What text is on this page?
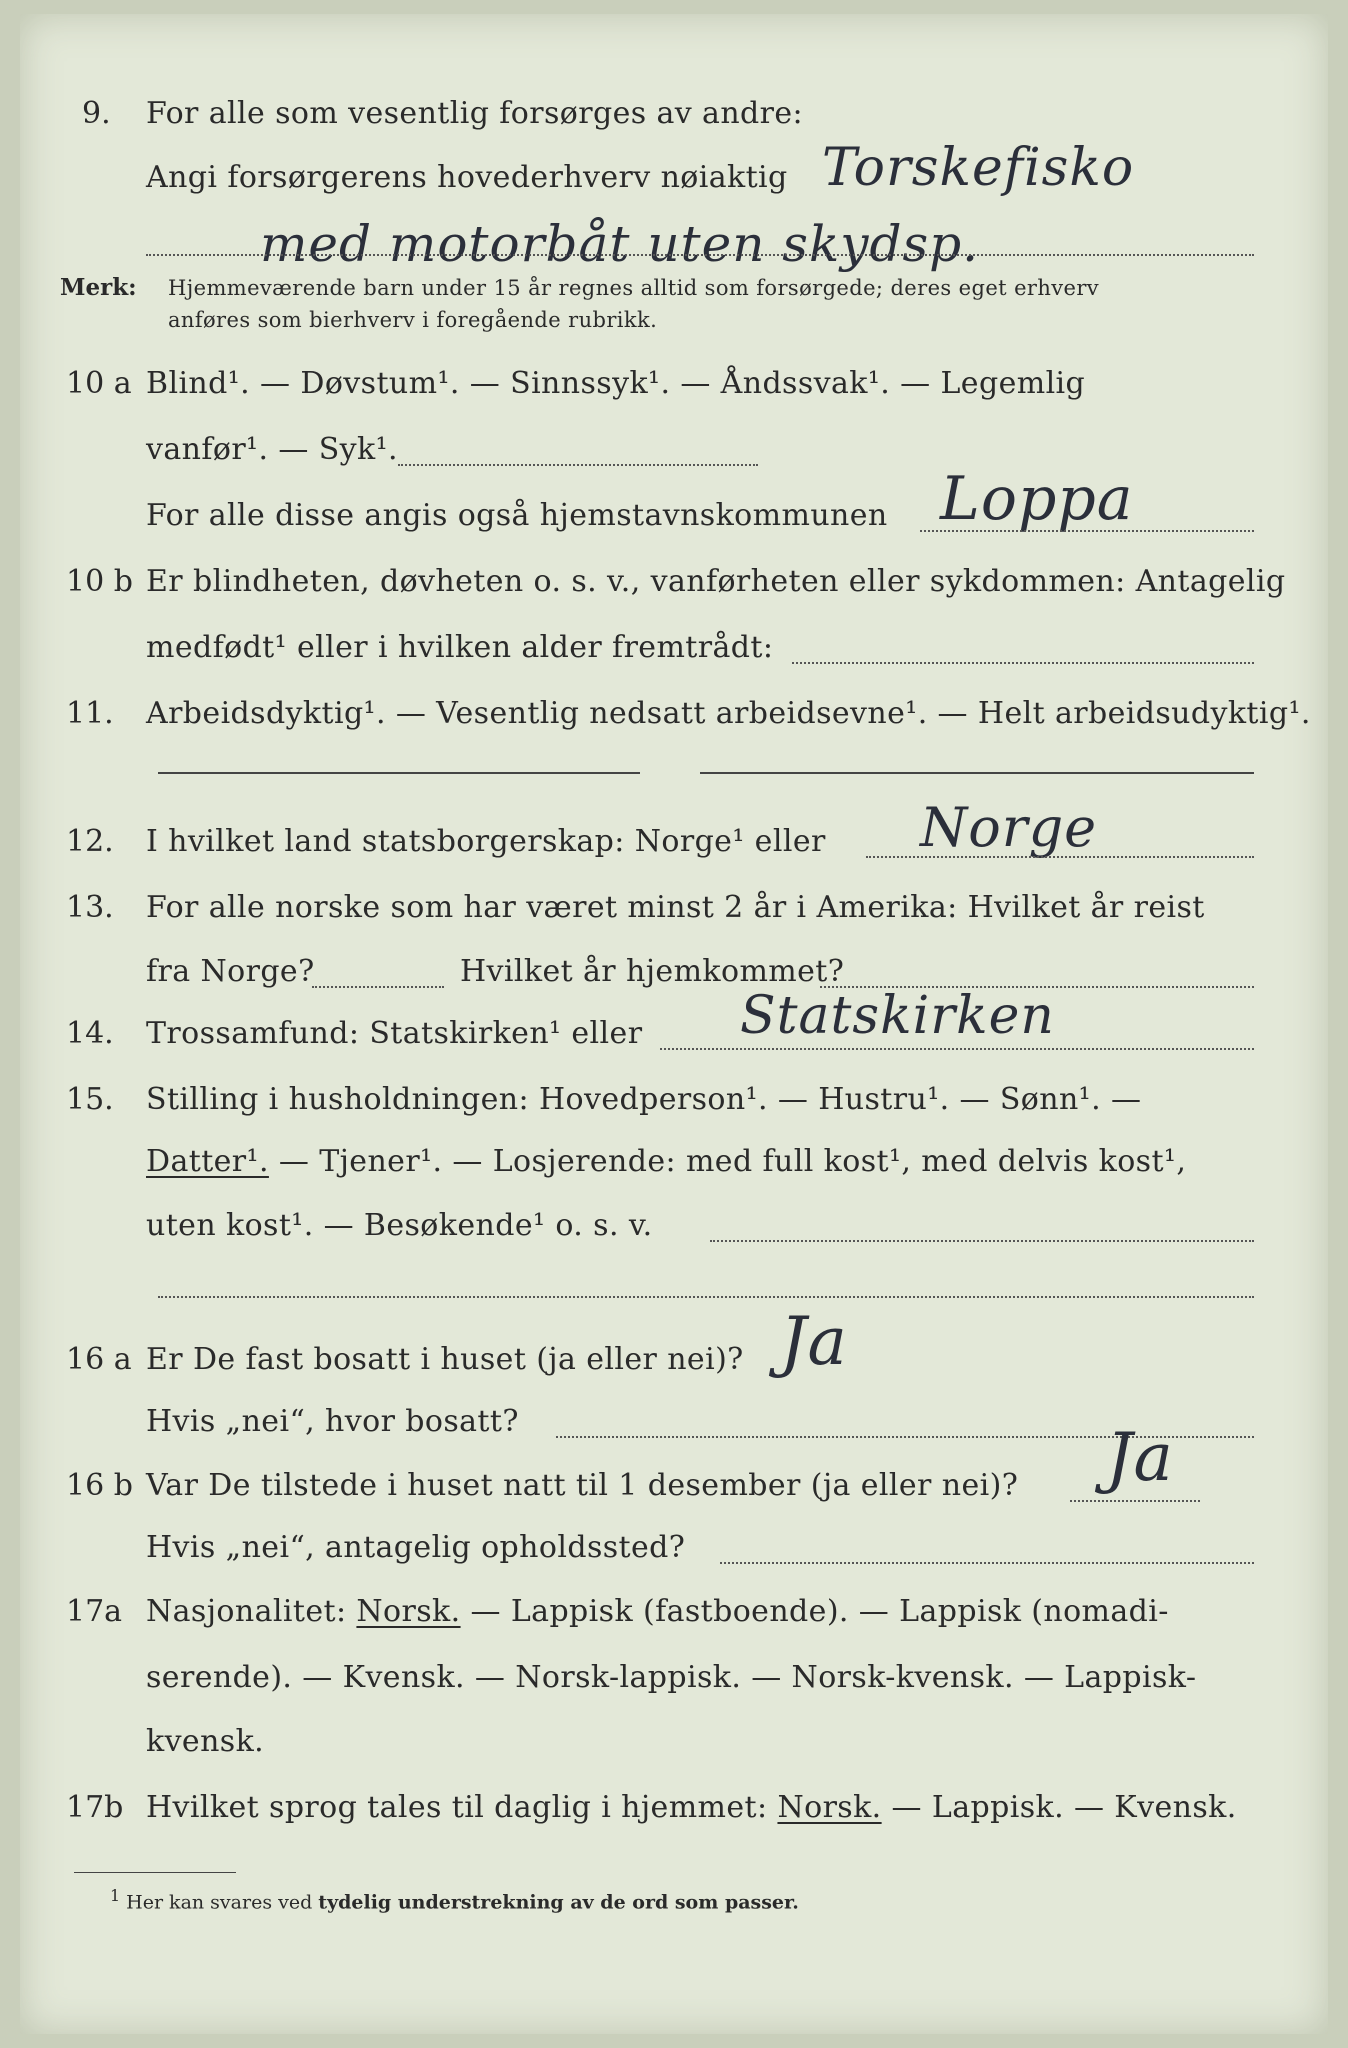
9. For alle som vesentlig forsørges av andre:
Angi forsørgerens hovederhverv nøiaktig Torskefisko
med motorbåt uten skydsp.
Merk: Hjemmeværende barn under 15 år regnes alltid som forsørgede; deres eget erhverv
anføres som bierhverv i foregående rubrikk.
10 a Blind¹. — Døvstum¹. — Sinnssyk¹. — Åndssvak¹. — Legemlig
vanfør¹. — Syk¹.
For alle disse angis også hjemstavnskommunen Loppa
10 b Er blindheten, døvheten o. s. v., vanførheten eller sykdommen: Antagelig
medfødt¹ eller i hvilken alder fremtrådt:
11. Arbeidsdyktig¹. — Vesentlig nedsatt arbeidsevne¹. — Helt arbeidsudyktig¹.
12. I hvilket land statsborgerskap: Norge¹ eller Norge
13. For alle norske som har været minst 2 år i Amerika: Hvilket år reist
fra Norge?	Hvilket år hjemkommet?
14. Trossamfund: Statskirken¹ eller Statskirken
15. Stilling i husholdningen: Hovedperson¹. — Hustru¹. — Sønn¹. —
Datter¹. — Tjener¹. — Losjerende: med full kost¹, med delvis kost¹,
uten kost¹. — Besøkende¹ o. s. v.
16 a Er De fast bosatt i huset (ja eller nei)? Ja
Hvis „nei“, hvor bosatt?
16 b Var De tilstede i huset natt til 1 desember (ja eller nei)? Ja
Hvis „nei“, antagelig opholdssted?
17a Nasjonalitet: Norsk. — Lappisk (fastboende). — Lappisk (nomadi-
serende). — Kvensk. — Norsk-lappisk. — Norsk-kvensk. — Lappisk-
kvensk.
17b Hvilket sprog tales til daglig i hjemmet: Norsk. — Lappisk. — Kvensk.
$^1$ Her kan svares ved tydelig understrekning av de ord som passer.
